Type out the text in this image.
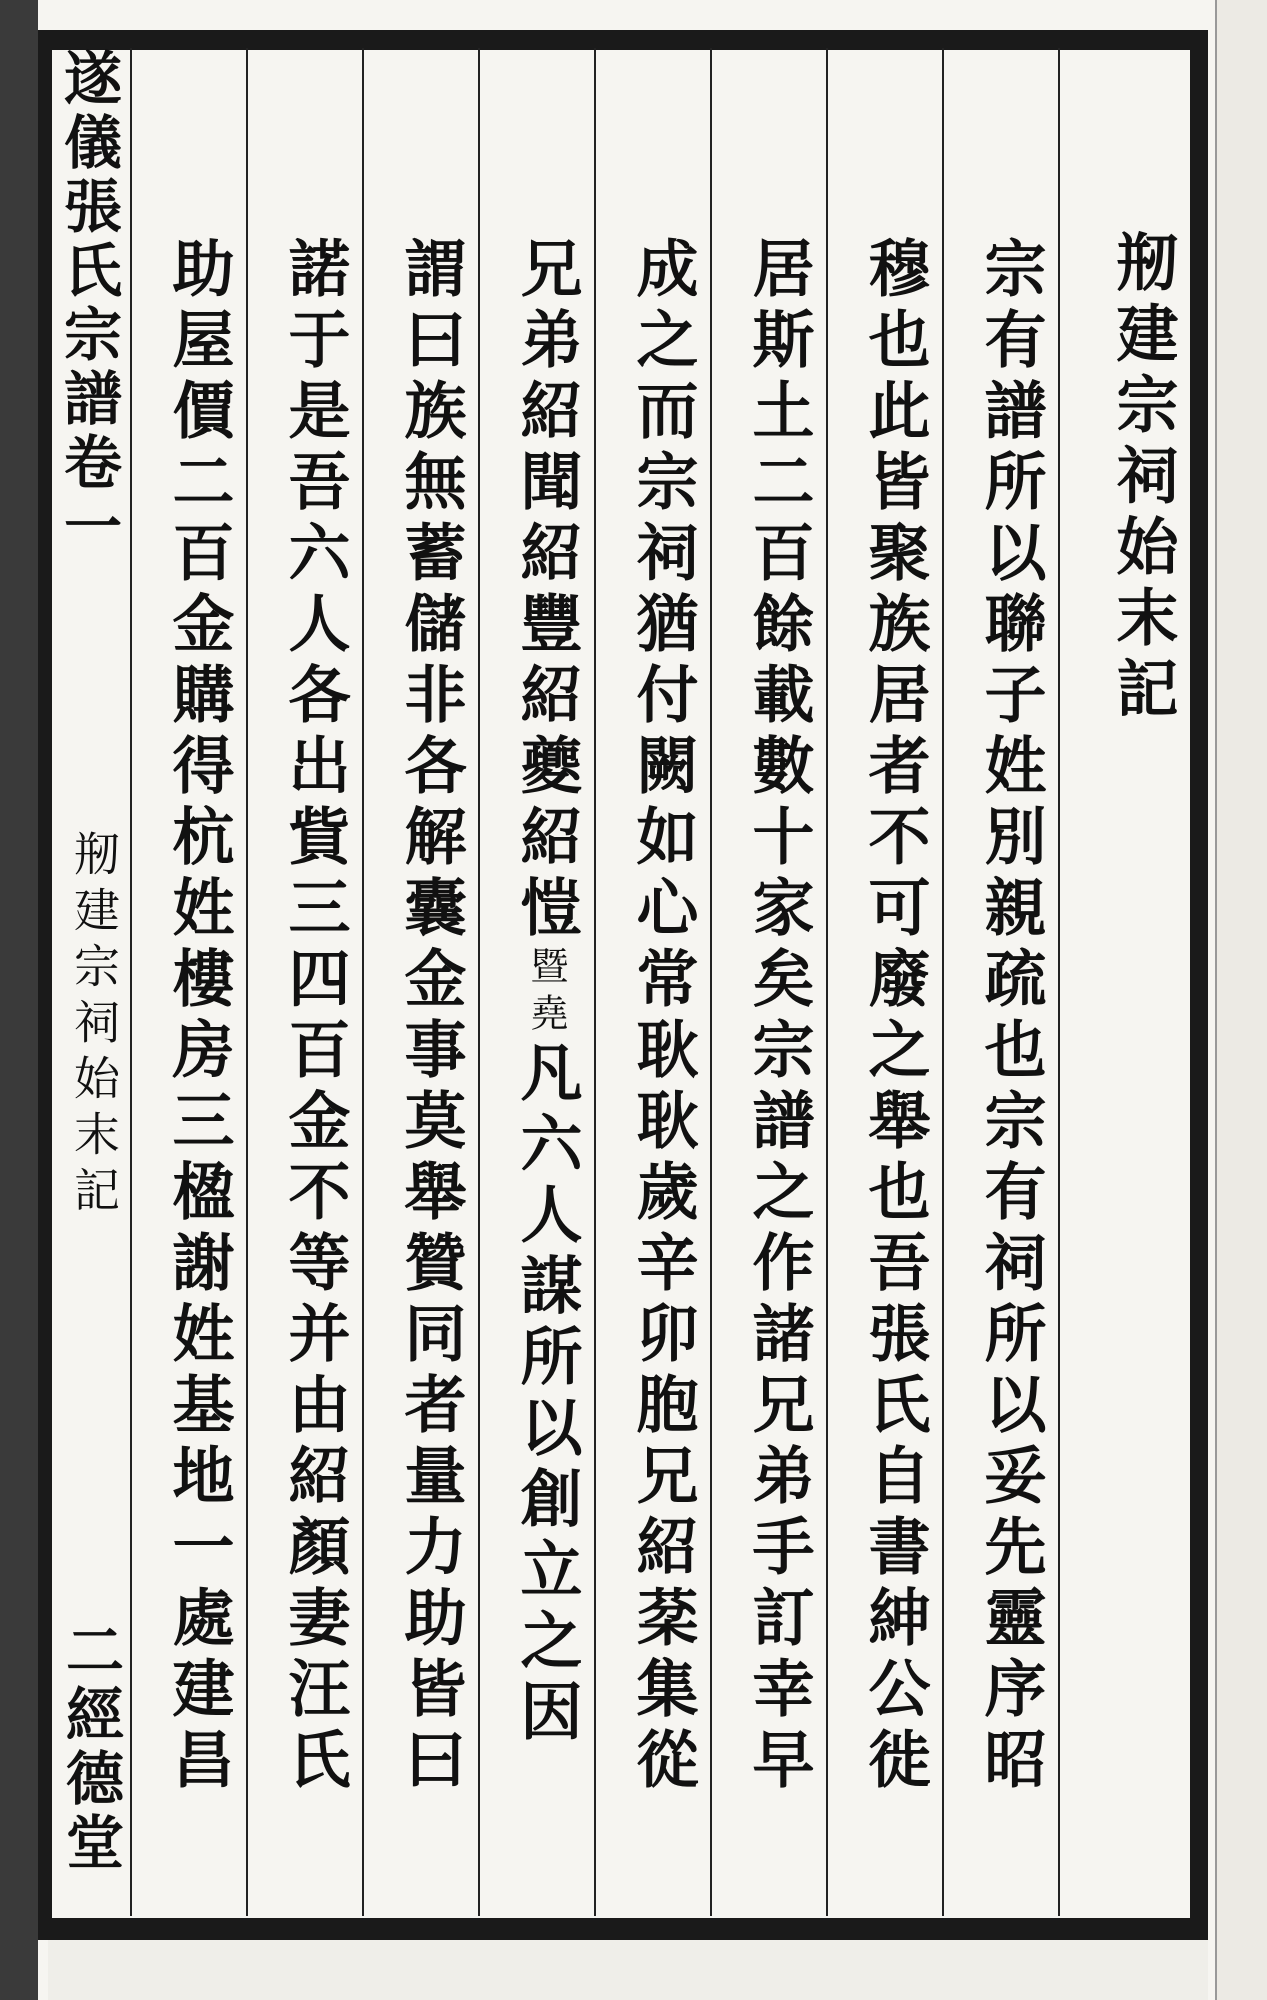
遂儀張氏宗譜卷一
剏建宗祠始末記
二經德堂
剏建宗祠始末記
宗有譜所以聯子姓別親疏也宗有祠所以妥先靈序昭
穆也此皆聚族居者不可廢之舉也吾張氏自書紳公徙
居斯土二百餘載數十家矣宗譜之作諸兄弟手訂幸早
成之而宗祠猶付闕如心常耿耿歲辛卯胞兄紹棻集從
兄弟紹聞紹豐紹夔紹愷暨堯凡六人謀所以創立之因
謂曰族無蓄儲非各解囊金事莫舉贊同者量力助皆曰
諾于是吾六人各出貲三四百金不等并由紹顏妻汪氏
助屋價二百金購得杭姓樓房三楹謝姓基地一處建昌
